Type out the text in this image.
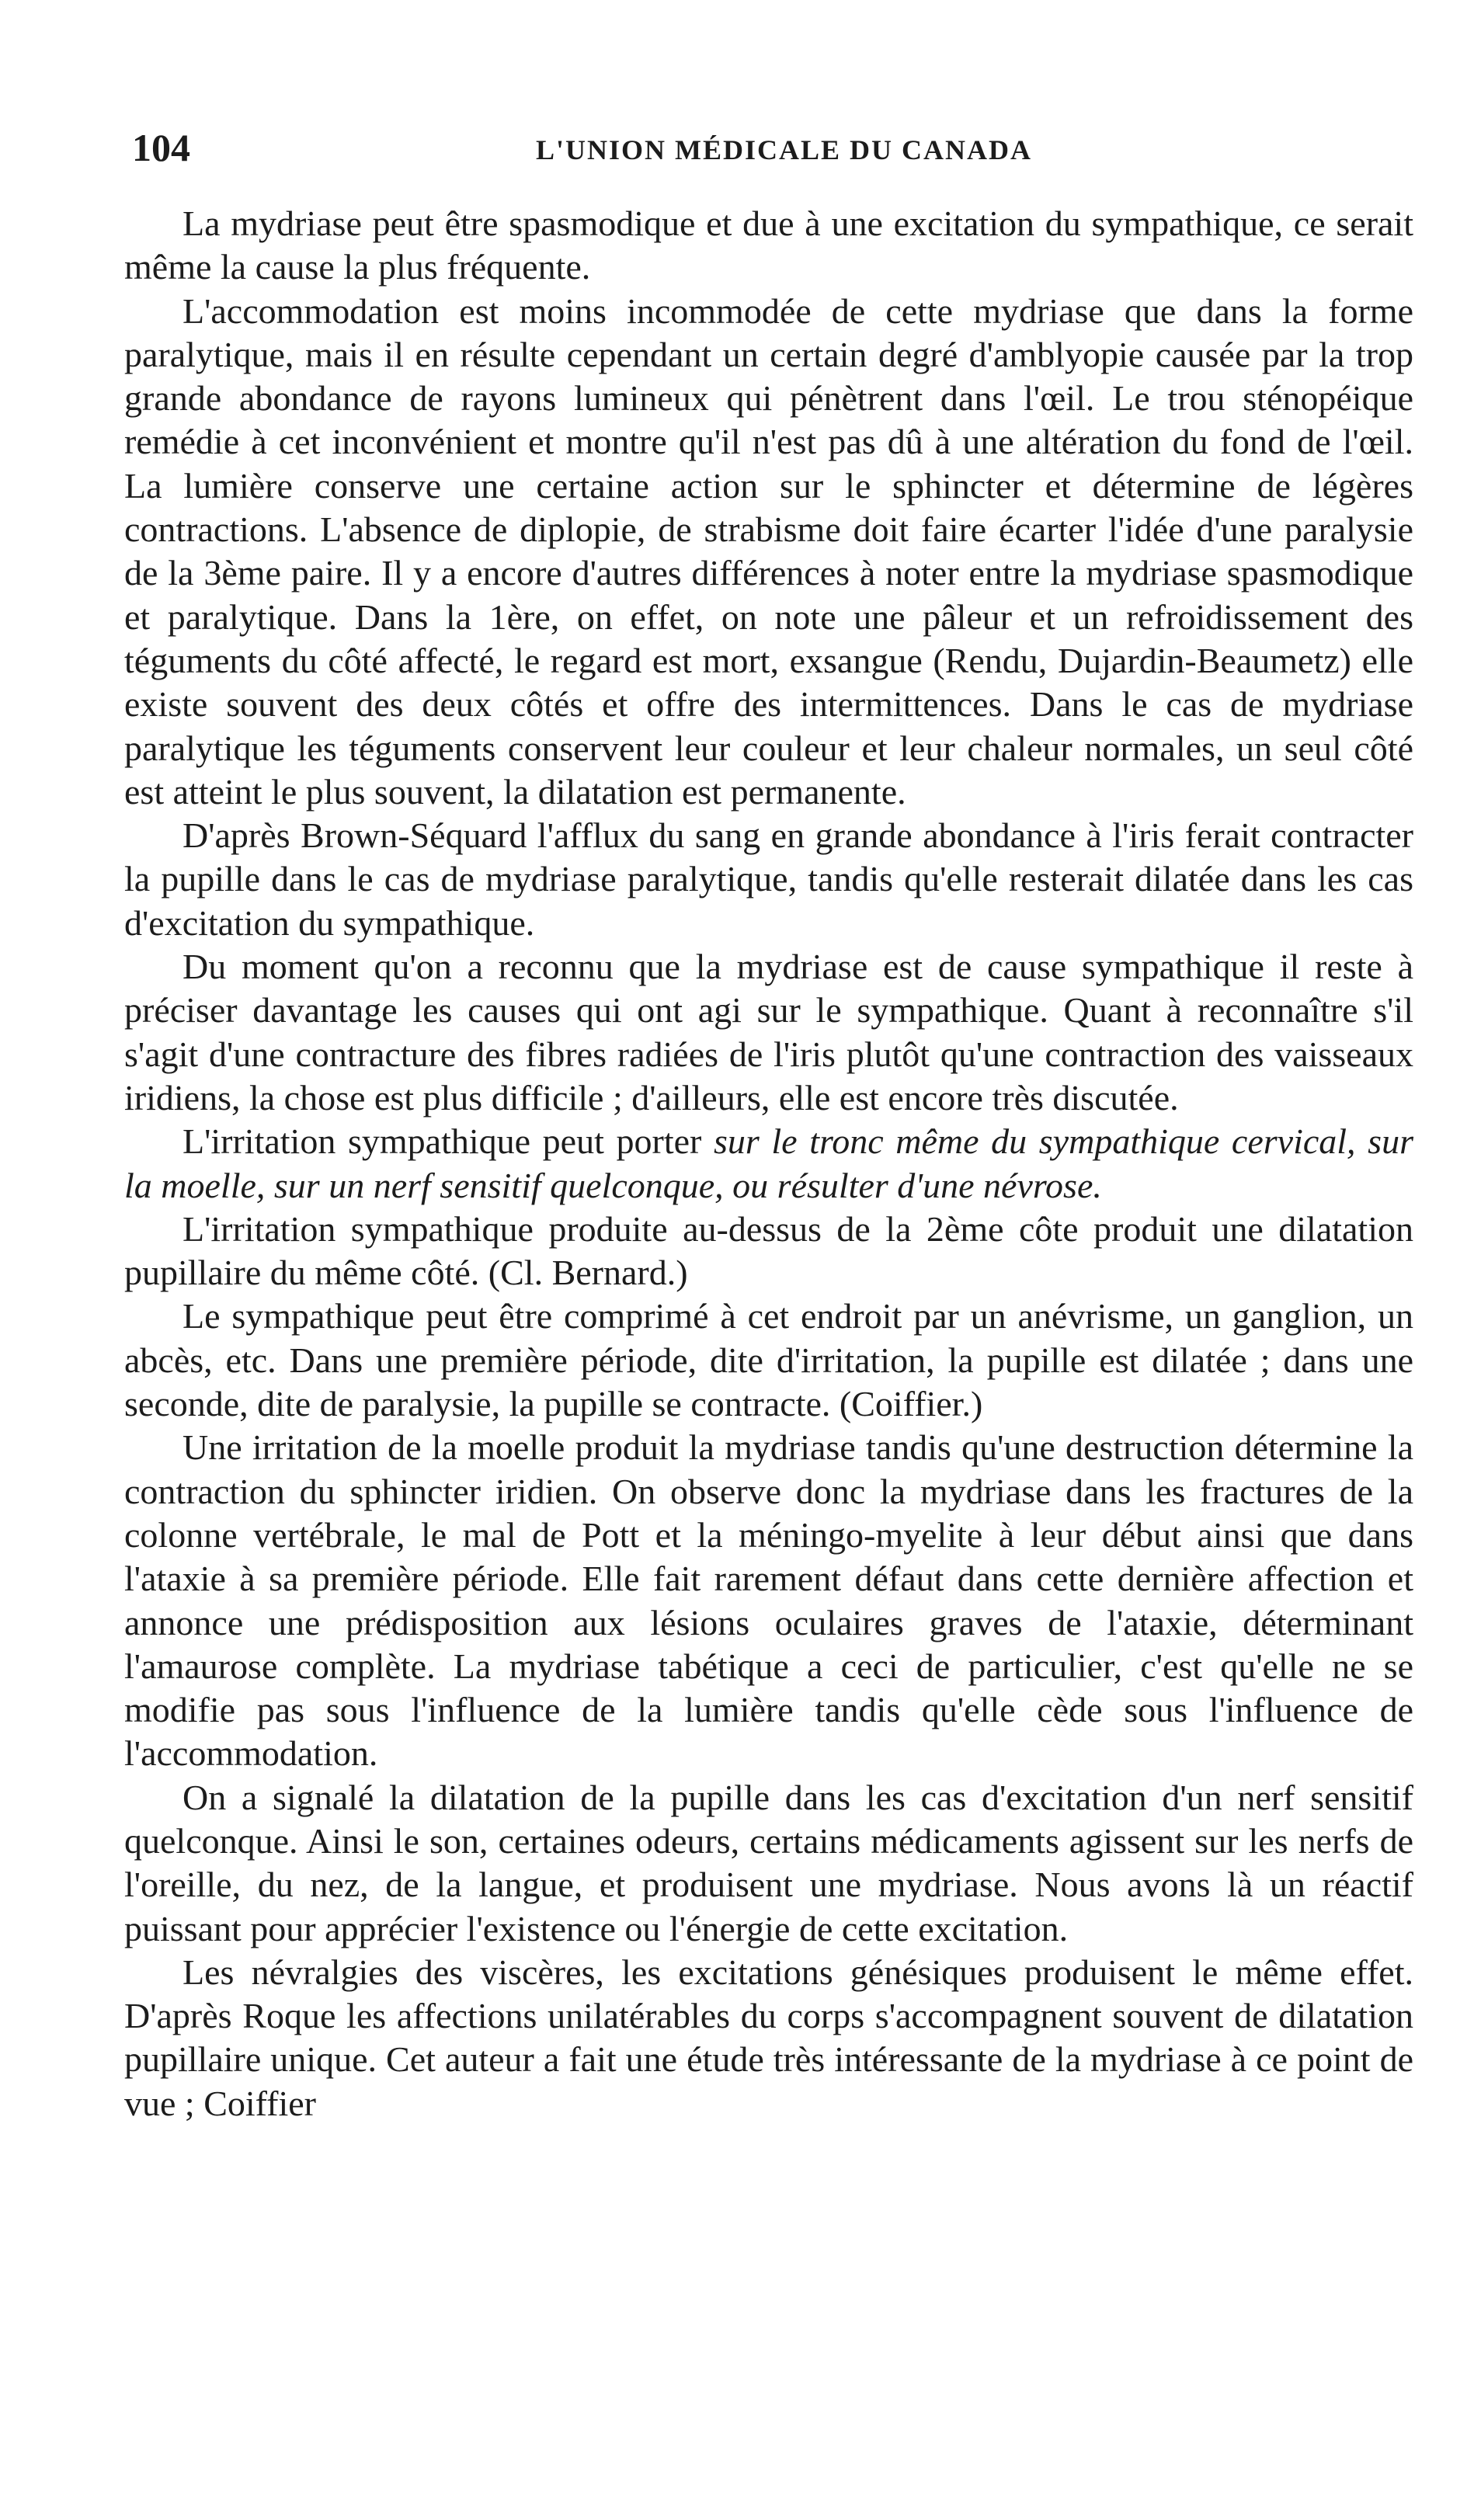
104	L'UNION MÉDICALE DU CANADA

La mydriase peut être spasmodique et due à une excitation du sympathique, ce serait même la cause la plus fréquente.

L'accommodation est moins incommodée de cette mydriase que dans la forme paralytique, mais il en résulte cependant un certain degré d'amblyopie causée par la trop grande abondance de rayons lumineux qui pénètrent dans l'œil. Le trou sténopéique remédie à cet inconvénient et montre qu'il n'est pas dû à une altération du fond de l'œil. La lumière conserve une certaine action sur le sphincter et détermine de légères contractions. L'absence de diplopie, de strabisme doit faire écarter l'idée d'une paralysie de la 3ème paire. Il y a encore d'autres différences à noter entre la mydriase spasmodique et paralytique. Dans la 1ère, on effet, on note une pâleur et un refroidissement des téguments du côté affecté, le regard est mort, exsangue (Rendu, Dujardin-Beaumetz) elle existe souvent des deux côtés et offre des intermittences. Dans le cas de mydriase paralytique les téguments conservent leur couleur et leur chaleur normales, un seul côté est atteint le plus souvent, la dilatation est permanente.

D'après Brown-Séquard l'afflux du sang en grande abondance à l'iris ferait contracter la pupille dans le cas de mydriase paralytique, tandis qu'elle resterait dilatée dans les cas d'excitation du sympathique.

Du moment qu'on a reconnu que la mydriase est de cause sympathique il reste à préciser davantage les causes qui ont agi sur le sympathique. Quant à reconnaître s'il s'agit d'une contracture des fibres radiées de l'iris plutôt qu'une contraction des vaisseaux iridiens, la chose est plus difficile ; d'ailleurs, elle est encore très discutée.

L'irritation sympathique peut porter sur le tronc même du sympathique cervical, sur la moelle, sur un nerf sensitif quelconque, ou résulter d'une névrose.

L'irritation sympathique produite au-dessus de la 2ème côte produit une dilatation pupillaire du même côté. (Cl. Bernard.)

Le sympathique peut être comprimé à cet endroit par un anévrisme, un ganglion, un abcès, etc. Dans une première période, dite d'irritation, la pupille est dilatée ; dans une seconde, dite de paralysie, la pupille se contracte. (Coiffier.)

Une irritation de la moelle produit la mydriase tandis qu'une destruction détermine la contraction du sphincter iridien. On observe donc la mydriase dans les fractures de la colonne vertébrale, le mal de Pott et la méningo-myelite à leur début ainsi que dans l'ataxie à sa première période. Elle fait rarement défaut dans cette dernière affection et annonce une prédisposition aux lésions oculaires graves de l'ataxie, déterminant l'amaurose complète. La mydriase tabétique a ceci de particulier, c'est qu'elle ne se modifie pas sous l'influence de la lumière tandis qu'elle cède sous l'influence de l'accommodation.

On a signalé la dilatation de la pupille dans les cas d'excitation d'un nerf sensitif quelconque. Ainsi le son, certaines odeurs, certains médicaments agissent sur les nerfs de l'oreille, du nez, de la langue, et produisent une mydriase. Nous avons là un réactif puissant pour apprécier l'existence ou l'énergie de cette excitation.

Les névralgies des viscères, les excitations génésiques produisent le même effet. D'après Roque les affections unilatérables du corps s'accompagnent souvent de dilatation pupillaire unique. Cet auteur a fait une étude très intéressante de la mydriase à ce point de vue ; Coiffier
